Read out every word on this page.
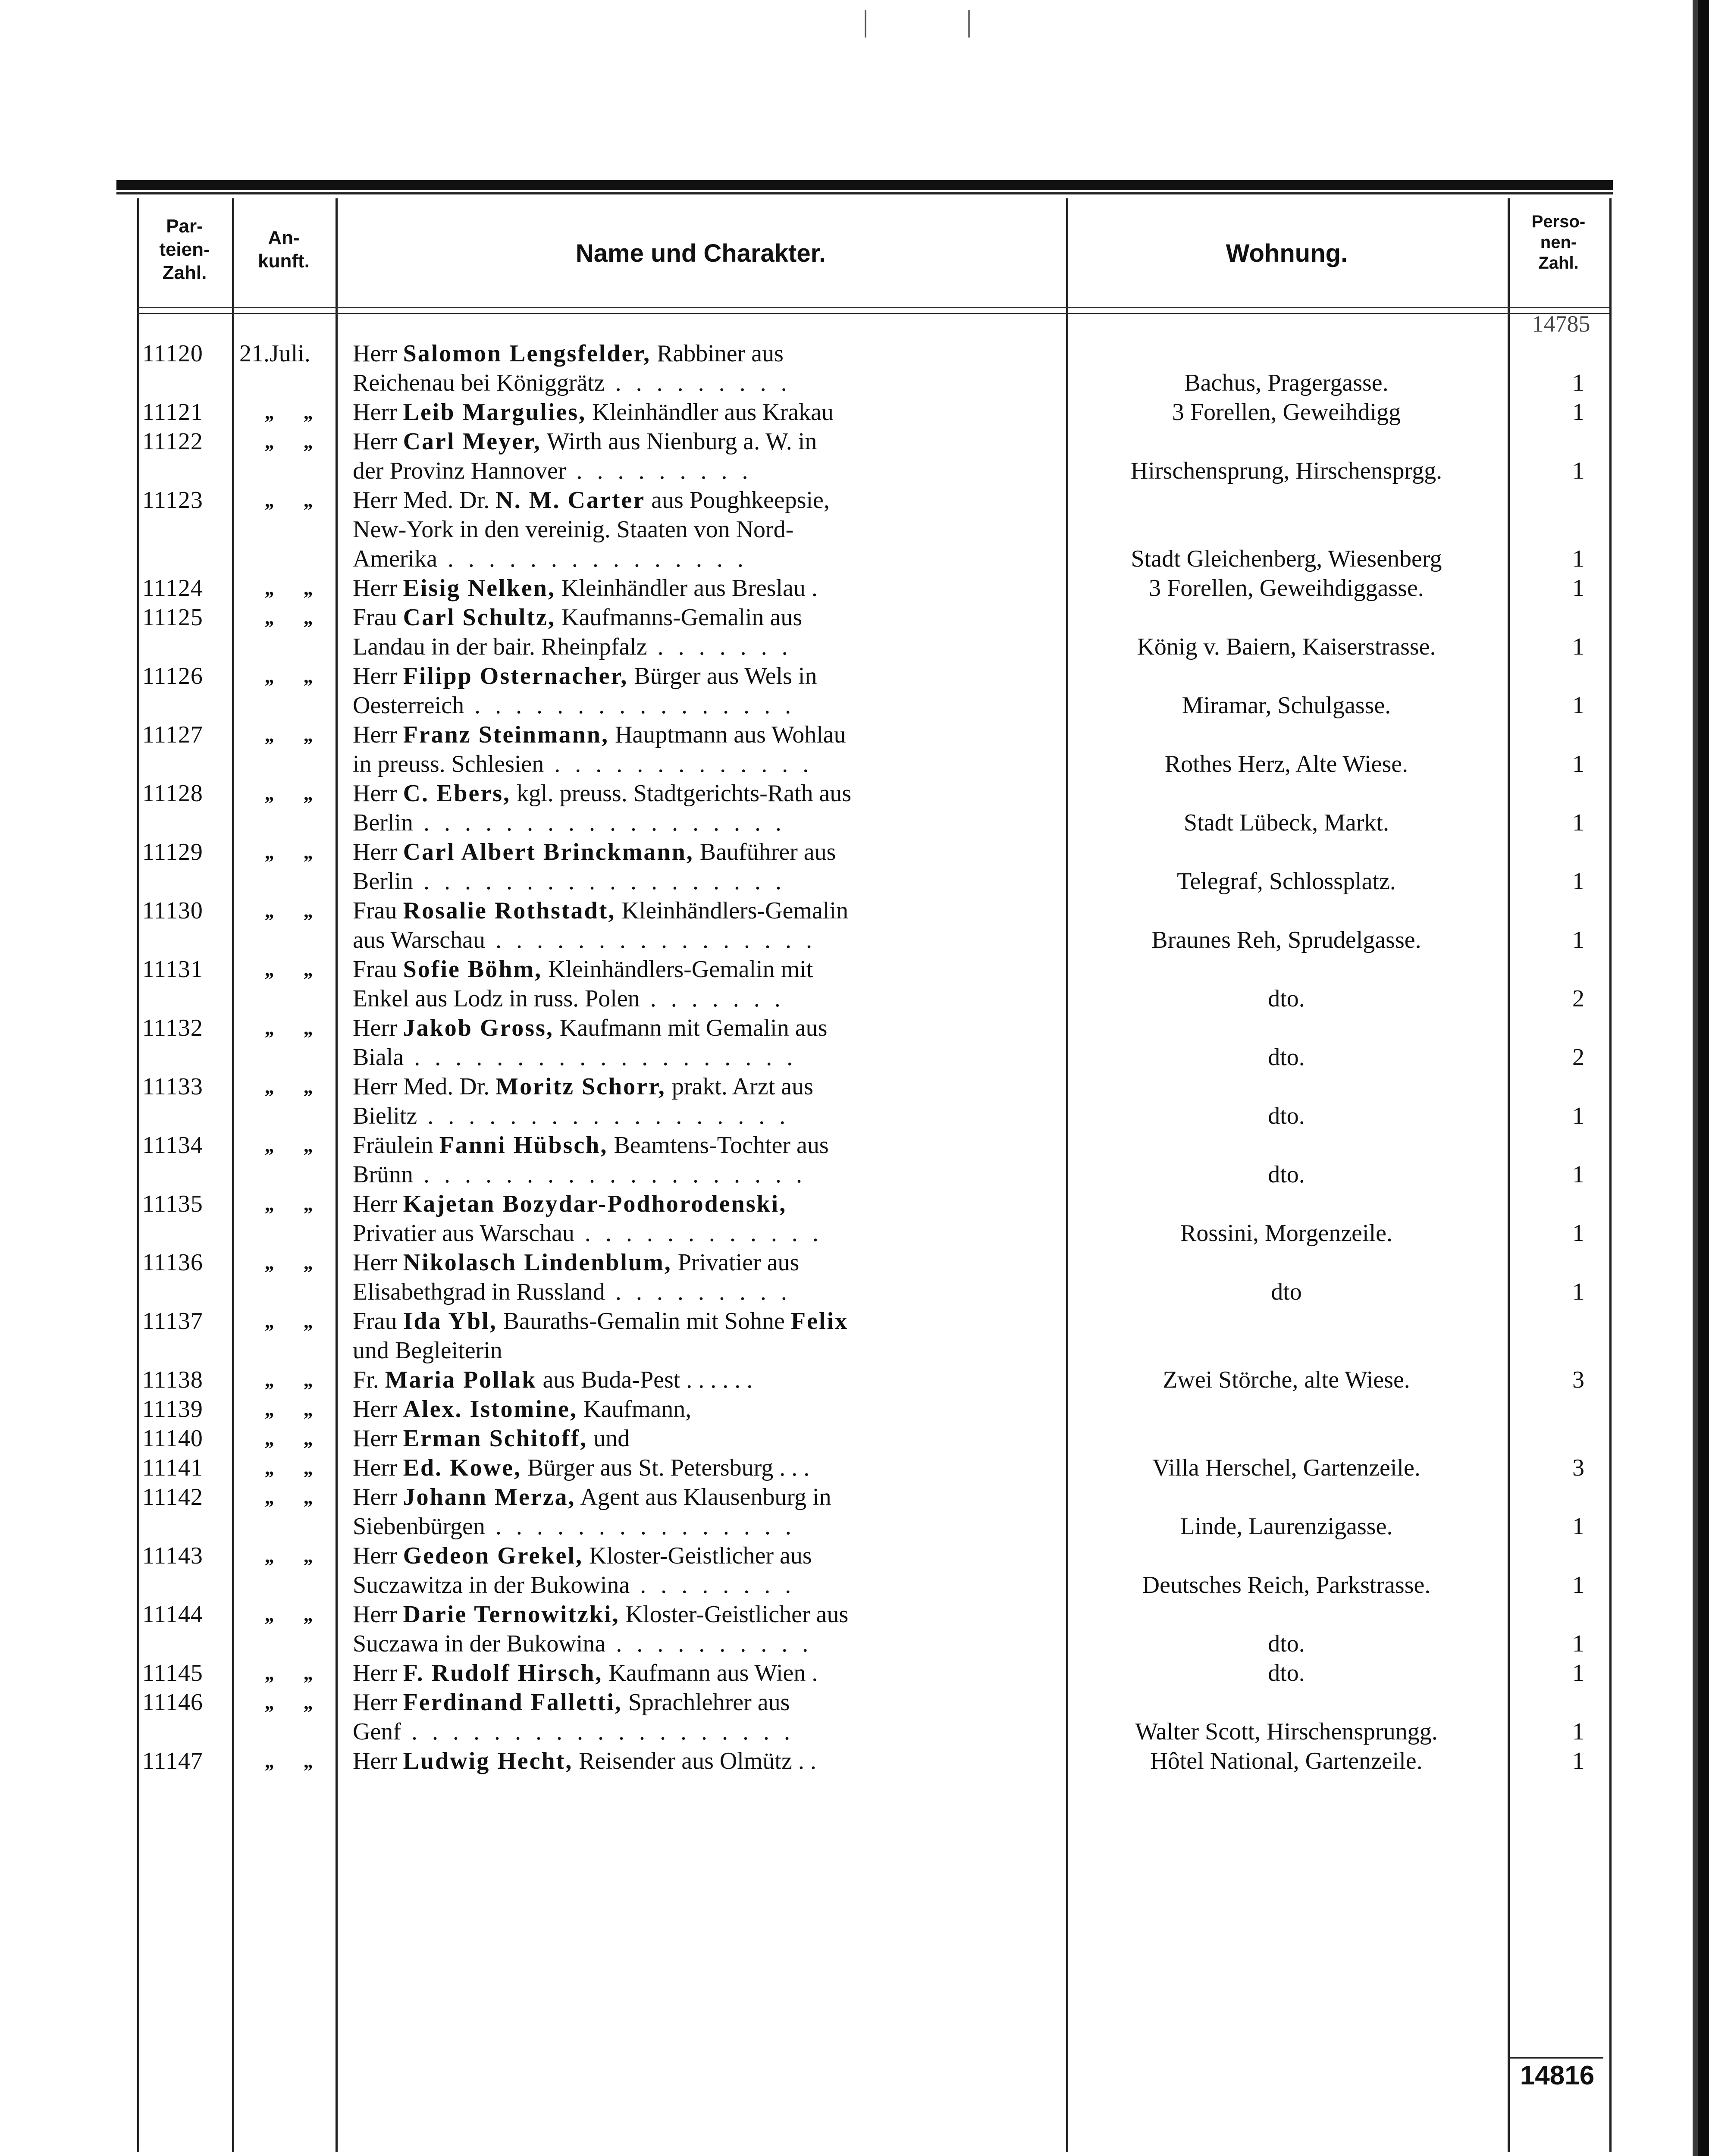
|	|
Par-
teien-
Zahl.
An-
kunft.	Name und Charakter.	Wohnung.
Perso-
nen-
Zahl.
14785
11120	21.Juli.	Herr Salomon Lengsfelder, Rabbiner aus
Reichenau bei Königgrätz . . . . . . . . .	Bachus, Pragergasse.	1
11121	„ „ Herr Leib Margulies, Kleinhändler aus Krakau	3 Forellen, Geweihdigg	1
11122	„ „ Herr Carl Meyer, Wirth aus Nienburg a. W. in
der Provinz Hannover . . . . . . . . .	Hirschensprung, Hirschensprgg.	1
11123	„ „ Herr Med. Dr. N. M. Carter aus Poughkeepsie,
New-York in den vereinig. Staaten von Nord-
Amerika . . . . . . . . . . . . . . .	Stadt Gleichenberg, Wiesenberg	1
11124	„ „ Herr Eisig Nelken, Kleinhändler aus Breslau .	3 Forellen, Geweihdiggasse.	1
11125	„ „ Frau Carl Schultz, Kaufmanns-Gemalin aus
Landau in der bair. Rheinpfalz . . . . . . .	König v. Baiern, Kaiserstrasse.	1
11126	„ „ Herr Filipp Osternacher, Bürger aus Wels in
Oesterreich . . . . . . . . . . . . . . . .	Miramar, Schulgasse.	1
11127	„ „ Herr Franz Steinmann, Hauptmann aus Wohlau
in preuss. Schlesien . . . . . . . . . . . . .	Rothes Herz, Alte Wiese.	1
11128	„ „ Herr C. Ebers, kgl. preuss. Stadtgerichts-Rath aus
Berlin . . . . . . . . . . . . . . . . . .	Stadt Lübeck, Markt.	1
11129	„ „ Herr Carl Albert Brinckmann, Bauführer aus
Berlin . . . . . . . . . . . . . . . . . .	Telegraf, Schlossplatz.	1
11130	„ „ Frau Rosalie Rothstadt, Kleinhändlers-Gemalin
aus Warschau . . . . . . . . . . . . . . . .	Braunes Reh, Sprudelgasse.	1
11131	„ „ Frau Sofie Böhm, Kleinhändlers-Gemalin mit
Enkel aus Lodz in russ. Polen . . . . . . .	dto.	2
11132	„ „ Herr Jakob Gross, Kaufmann mit Gemalin aus
Biala . . . . . . . . . . . . . . . . . . .	dto.	2
11133	„ „ Herr Med. Dr. Moritz Schorr, prakt. Arzt aus
Bielitz . . . . . . . . . . . . . . . . . .	dto.	1
11134	„ „ Fräulein Fanni Hübsch, Beamtens-Tochter aus
Brünn . . . . . . . . . . . . . . . . . . .	dto.	1
11135	„ „ Herr Kajetan Bozydar-Podhorodenski,
Privatier aus Warschau . . . . . . . . . . . .	Rossini, Morgenzeile.	1
11136	„ „ Herr Nikolasch Lindenblum, Privatier aus
Elisabethgrad in Russland . . . . . . . . .	dto	1
11137	„ „ Frau Ida Ybl, Bauraths-Gemalin mit Sohne Felix
und Begleiterin
11138	„ „ Fr. Maria Pollak aus Buda-Pest . . . . . .	Zwei Störche, alte Wiese.	3
11139	„ „ Herr Alex. Istomine, Kaufmann,
11140	„ „ Herr Erman Schitoff, und
11141	„ „ Herr Ed. Kowe, Bürger aus St. Petersburg . . .	Villa Herschel, Gartenzeile.	3
11142	„ „ Herr Johann Merza, Agent aus Klausenburg in
Siebenbürgen . . . . . . . . . . . . . . .	Linde, Laurenzigasse.	1
11143	„ „ Herr Gedeon Grekel, Kloster-Geistlicher aus
Suczawitza in der Bukowina . . . . . . . .	Deutsches Reich, Parkstrasse.	1
11144	„ „ Herr Darie Ternowitzki, Kloster-Geistlicher aus
Suczawa in der Bukowina . . . . . . . . . .	dto.	1
11145	„ „ Herr F. Rudolf Hirsch, Kaufmann aus Wien .	dto.	1
11146	„ „ Herr Ferdinand Falletti, Sprachlehrer aus
Genf . . . . . . . . . . . . . . . . . . .	Walter Scott, Hirschensprungg.	1
11147	„ „ Herr Ludwig Hecht, Reisender aus Olmütz . .	Hôtel National, Gartenzeile.	1
14816
